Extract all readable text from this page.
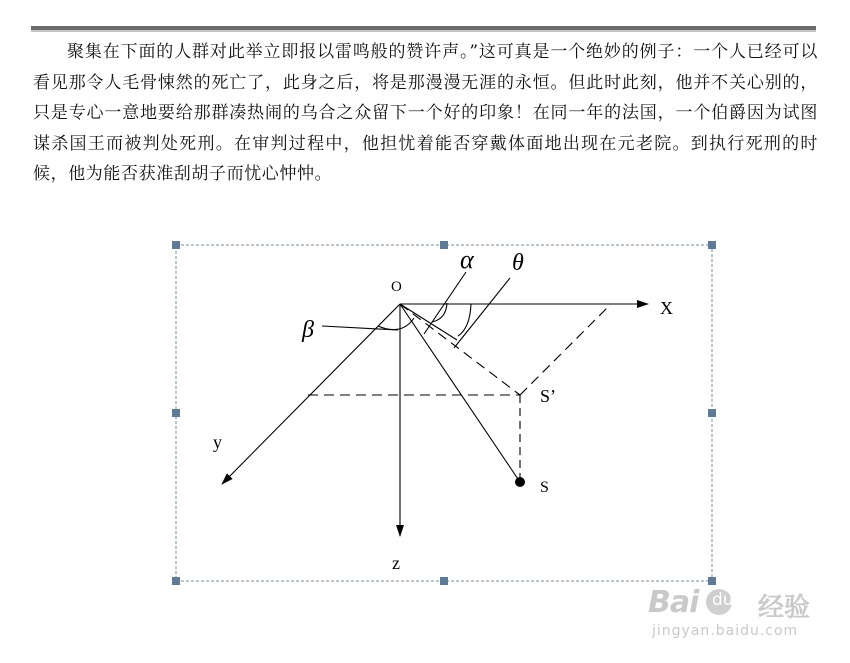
聚集在下面的人群对此举立即报以雷鸣般的赞许声。”这可真是一个绝妙的例子：一个人已经可以看见那令人毛骨悚然的死亡了，此身之后，将是那漫漫无涯的永恒。但此时此刻，他并不关心别的，只是专心一意地要给那群凑热闹的乌合之众留下一个好的印象！在同一年的法国，一个伯爵因为试图谋杀国王而被判处死刑。在审判过程中，他担忧着能否穿戴体面地出现在元老院。到执行死刑的时候，他为能否获准刮胡子而忧心忡忡。
O
X
y
z
S’
S
α θ
β
Bai du 经验
jingyan.baidu.com
